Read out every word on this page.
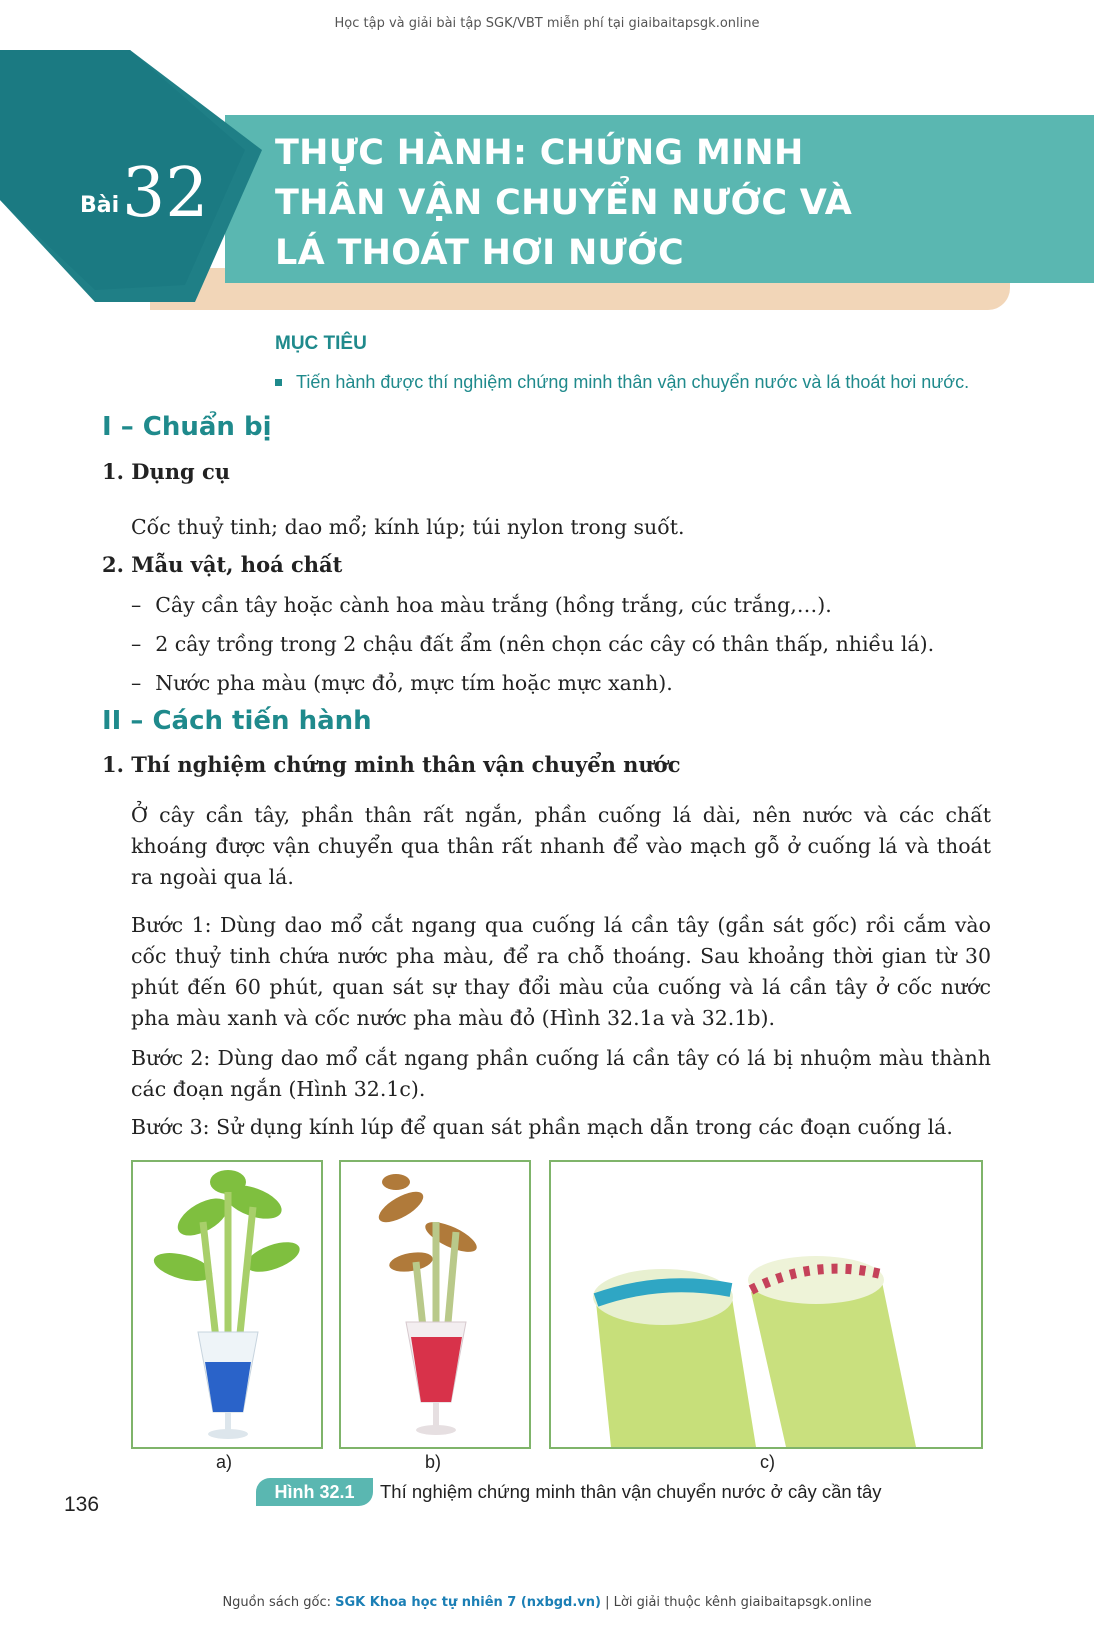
Học tập và giải bài tập SGK/VBT miễn phí tại giaibaitapsgk.online
Bài 32
THỰC HÀNH: CHỨNG MINH
THÂN VẬN CHUYỂN NƯỚC VÀ
LÁ THOÁT HƠI NƯỚC
MỤC TIÊU
Tiến hành được thí nghiệm chứng minh thân vận chuyển nước và lá thoát hơi nước.
I – Chuẩn bị
1. Dụng cụ
Cốc thuỷ tinh; dao mổ; kính lúp; túi nylon trong suốt.
2. Mẫu vật, hoá chất
– Cây cần tây hoặc cành hoa màu trắng (hồng trắng, cúc trắng,…).
– 2 cây trồng trong 2 chậu đất ẩm (nên chọn các cây có thân thấp, nhiều lá).
– Nước pha màu (mực đỏ, mực tím hoặc mực xanh).
II – Cách tiến hành
1. Thí nghiệm chứng minh thân vận chuyển nước
Ở cây cần tây, phần thân rất ngắn, phần cuống lá dài, nên nước và các chất khoáng được vận chuyển qua thân rất nhanh để vào mạch gỗ ở cuống lá và thoát ra ngoài qua lá.
Bước 1: Dùng dao mổ cắt ngang qua cuống lá cần tây (gần sát gốc) rồi cắm vào cốc thuỷ tinh chứa nước pha màu, để ra chỗ thoáng. Sau khoảng thời gian từ 30 phút đến 60 phút, quan sát sự thay đổi màu của cuống và lá cần tây ở cốc nước pha màu xanh và cốc nước pha màu đỏ (Hình 32.1a và 32.1b).
Bước 2: Dùng dao mổ cắt ngang phần cuống lá cần tây có lá bị nhuộm màu thành các đoạn ngắn (Hình 32.1c).
Bước 3: Sử dụng kính lúp để quan sát phần mạch dẫn trong các đoạn cuống lá.
a)	b)	c)
Hình 32.1	Thí nghiệm chứng minh thân vận chuyển nước ở cây cần tây
136
Nguồn sách gốc: SGK Khoa học tự nhiên 7 (nxbgd.vn) | Lời giải thuộc kênh giaibaitapsgk.online
